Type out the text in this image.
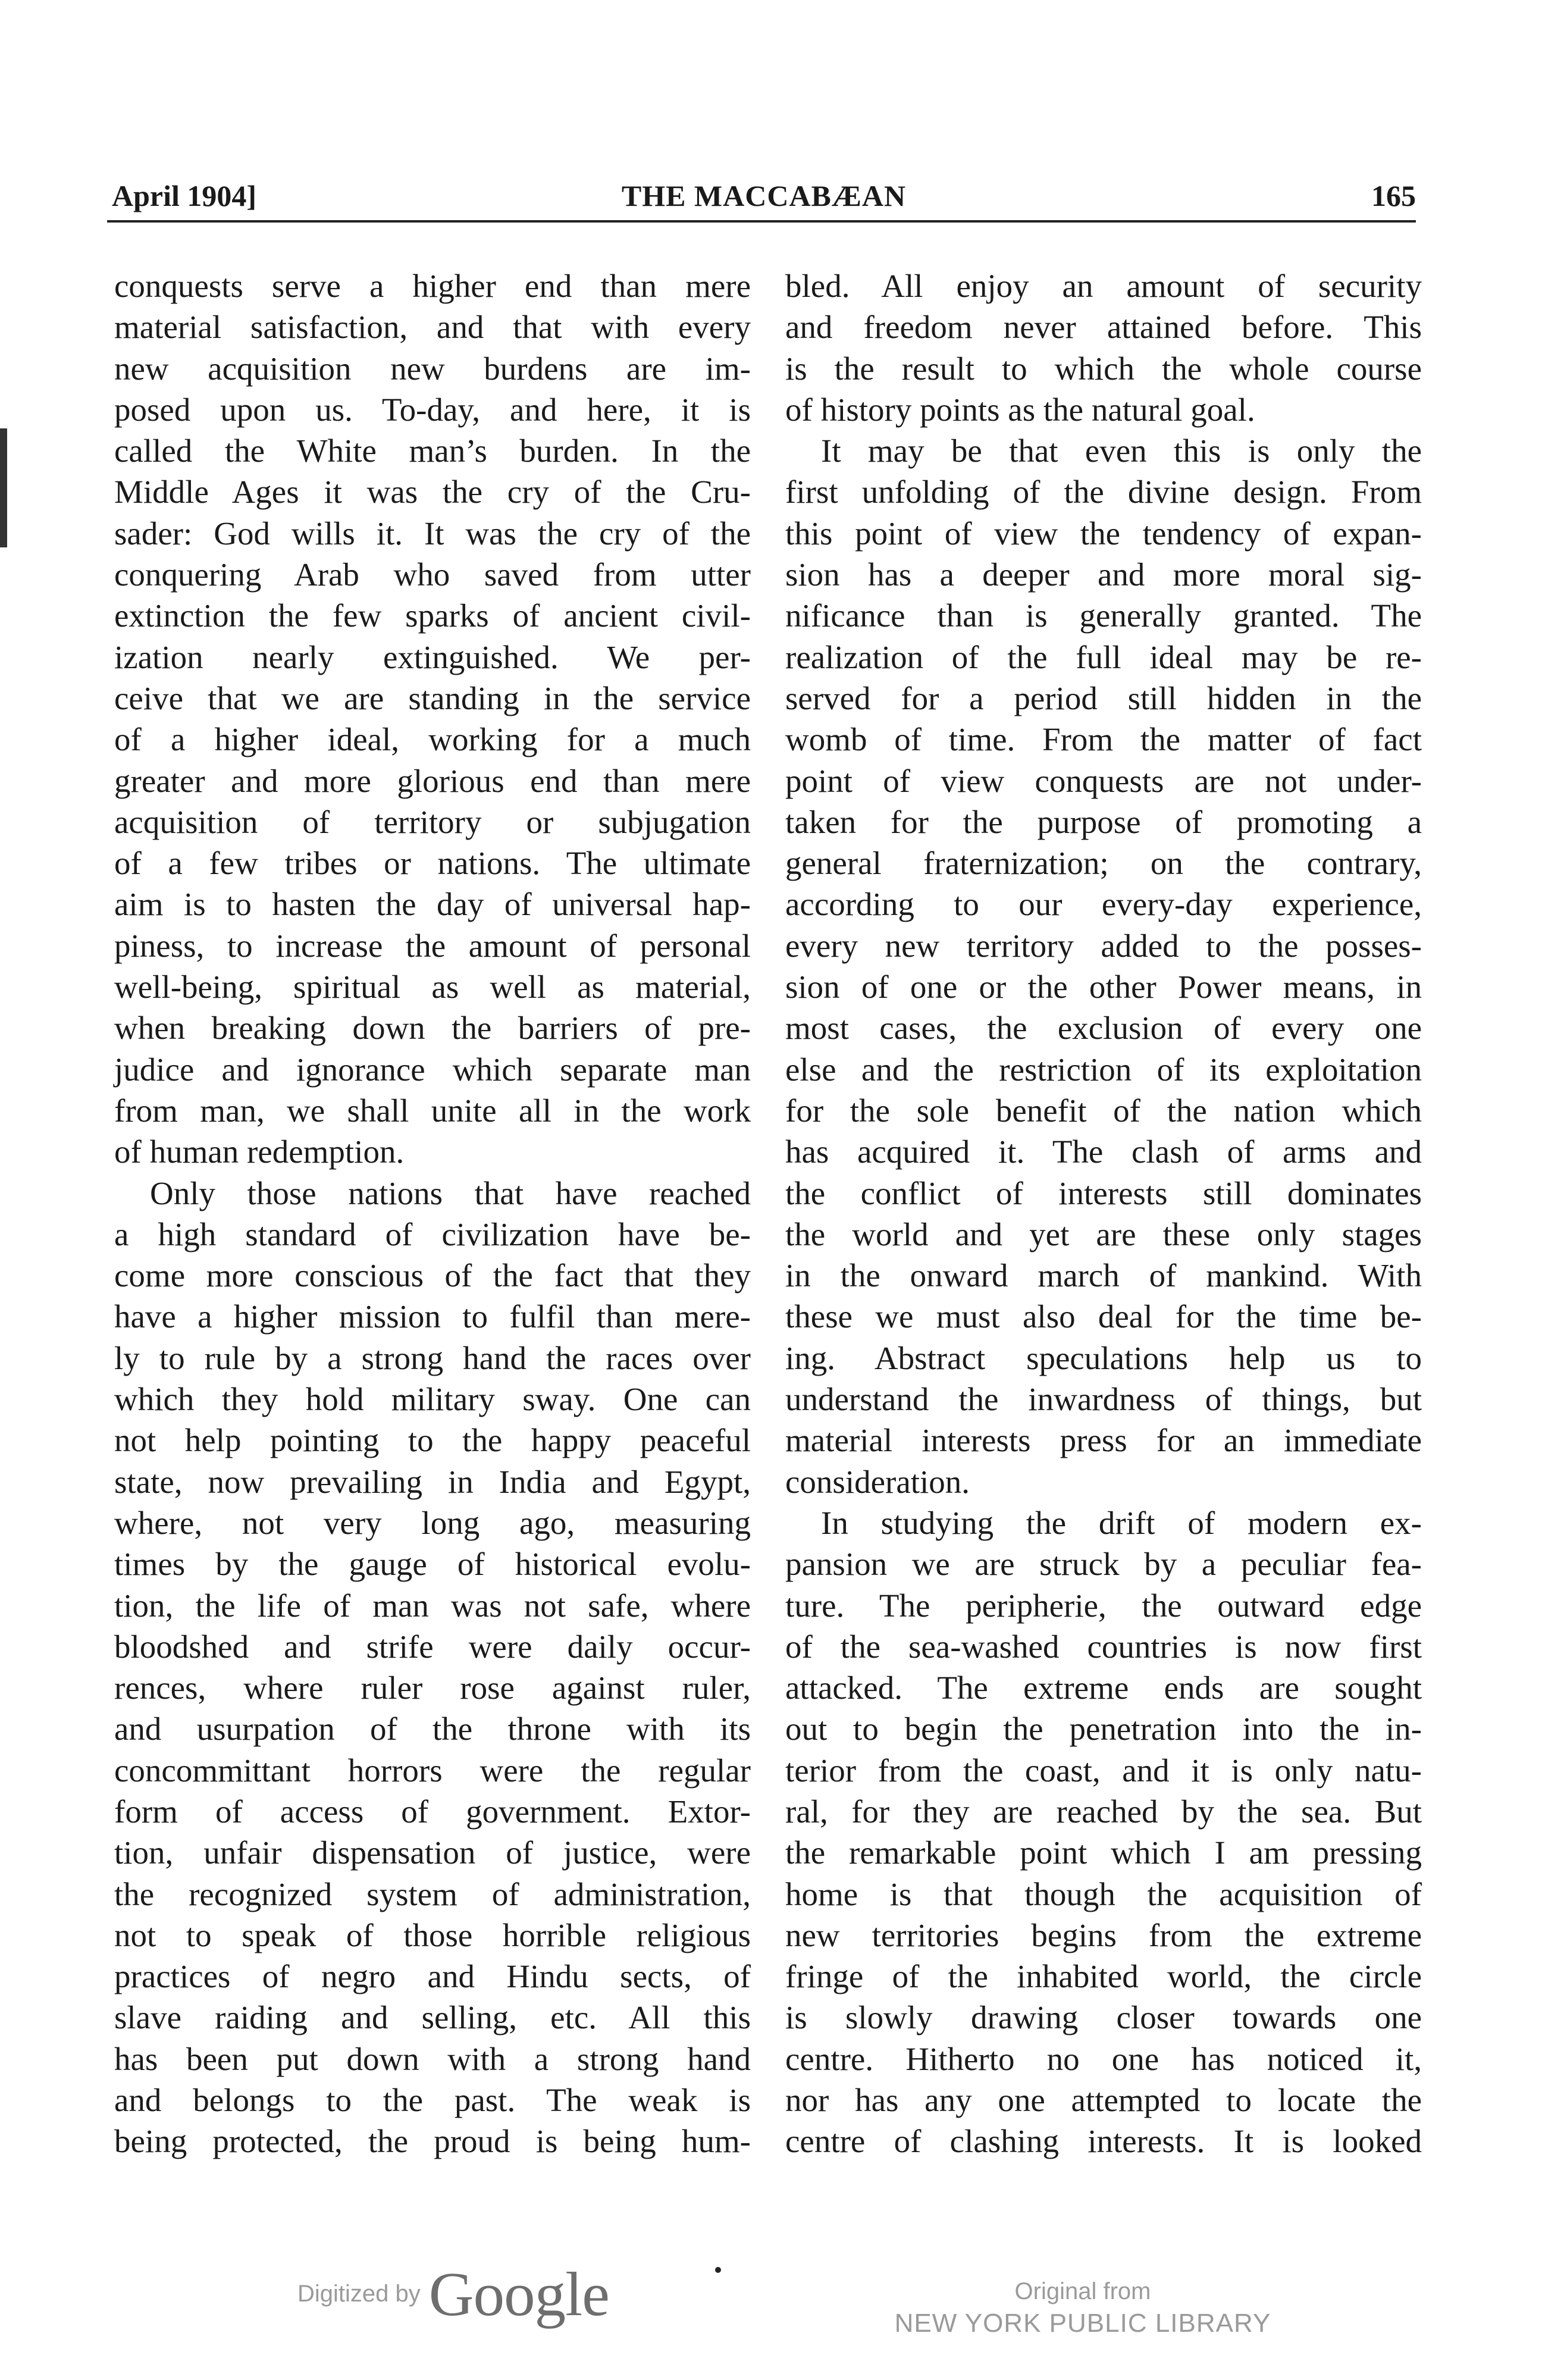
April 1904]	THE MACCABÆAN	165
conquests serve a higher end than mere
material satisfaction, and that with every
new acquisition new burdens are im-
posed upon us. To-day, and here, it is
called the White man’s burden. In the
Middle Ages it was the cry of the Cru-
sader: God wills it. It was the cry of the
conquering Arab who saved from utter
extinction the few sparks of ancient civil-
ization nearly extinguished. We per-
ceive that we are standing in the service
of a higher ideal, working for a much
greater and more glorious end than mere
acquisition of territory or subjugation
of a few tribes or nations. The ultimate
aim is to hasten the day of universal hap-
piness, to increase the amount of personal
well-being, spiritual as well as material,
when breaking down the barriers of pre-
judice and ignorance which separate man
from man, we shall unite all in the work
of human redemption.
Only those nations that have reached
a high standard of civilization have be-
come more conscious of the fact that they
have a higher mission to fulfil than mere-
ly to rule by a strong hand the races over
which they hold military sway. One can
not help pointing to the happy peaceful
state, now prevailing in India and Egypt,
where, not very long ago, measuring
times by the gauge of historical evolu-
tion, the life of man was not safe, where
bloodshed and strife were daily occur-
rences, where ruler rose against ruler,
and usurpation of the throne with its
concommittant horrors were the regular
form of access of government. Extor-
tion, unfair dispensation of justice, were
the recognized system of administration,
not to speak of those horrible religious
practices of negro and Hindu sects, of
slave raiding and selling, etc. All this
has been put down with a strong hand
and belongs to the past. The weak is
being protected, the proud is being hum-
bled. All enjoy an amount of security
and freedom never attained before. This
is the result to which the whole course
of history points as the natural goal.
It may be that even this is only the
first unfolding of the divine design. From
this point of view the tendency of expan-
sion has a deeper and more moral sig-
nificance than is generally granted. The
realization of the full ideal may be re-
served for a period still hidden in the
womb of time. From the matter of fact
point of view conquests are not under-
taken for the purpose of promoting a
general fraternization; on the contrary,
according to our every-day experience,
every new territory added to the posses-
sion of one or the other Power means, in
most cases, the exclusion of every one
else and the restriction of its exploitation
for the sole benefit of the nation which
has acquired it. The clash of arms and
the conflict of interests still dominates
the world and yet are these only stages
in the onward march of mankind. With
these we must also deal for the time be-
ing. Abstract speculations help us to
understand the inwardness of things, but
material interests press for an immediate
consideration.
In studying the drift of modern ex-
pansion we are struck by a peculiar fea-
ture. The peripherie, the outward edge
of the sea-washed countries is now first
attacked. The extreme ends are sought
out to begin the penetration into the in-
terior from the coast, and it is only natu-
ral, for they are reached by the sea. But
the remarkable point which I am pressing
home is that though the acquisition of
new territories begins from the extreme
fringe of the inhabited world, the circle
is slowly drawing closer towards one
centre. Hitherto no one has noticed it,
nor has any one attempted to locate the
centre of clashing interests. It is looked
Digitized by Google	Original from
NEW YORK PUBLIC LIBRARY
